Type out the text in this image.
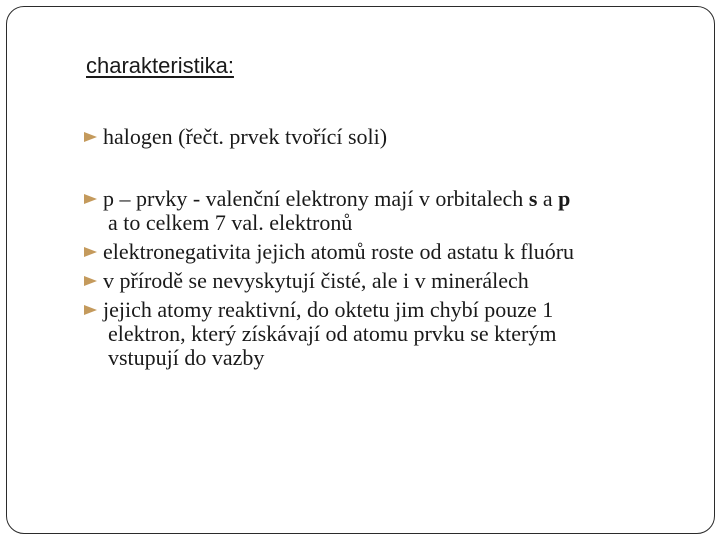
charakteristika:
halogen (řečt. prvek tvořící soli)
p – prvky - valenční elektrony mají v orbitalech s a p
a to celkem 7 val. elektronů
elektronegativita jejich atomů roste od astatu k fluóru
v přírodě se nevyskytují čisté, ale i v minerálech
jejich atomy reaktivní, do oktetu jim chybí pouze 1
elektron, který získávají od atomu prvku se kterým
vstupují do vazby
